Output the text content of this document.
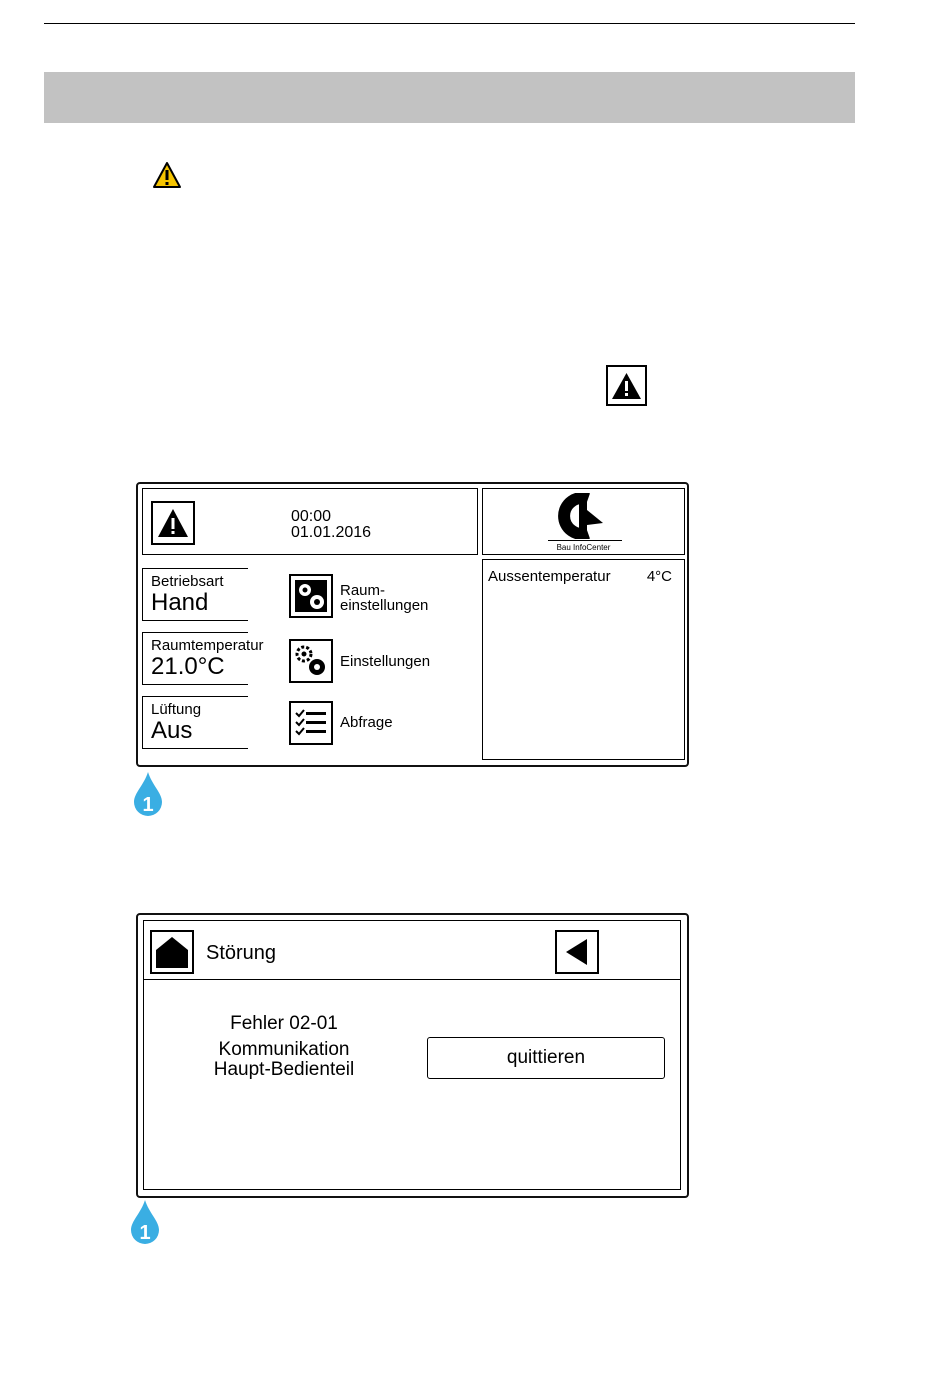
00:00
01.01.2016
Bau InfoCenter
Betriebsart
Hand
Raumtemperatur
21.0°C
Lüftung
Aus
Raum-
einstellungen
Einstellungen
Abfrage
Aussentemperatur 4°C
1
Störung
Fehler 02-01
Kommunikation
Haupt-Bedienteil
quittieren
1
